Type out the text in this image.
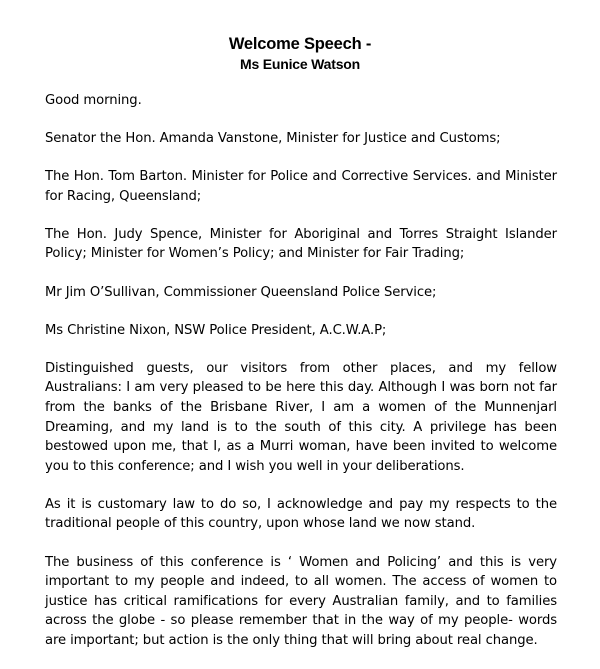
Welcome Speech -
Ms Eunice Watson

Good morning.

Senator the Hon. Amanda Vanstone, Minister for Justice and Customs;

The Hon. Tom Barton. Minister for Police and Corrective Services. and Minister for Racing, Queensland;

The Hon. Judy Spence, Minister for Aboriginal and Torres Straight Islander Policy; Minister for Women’s Policy; and Minister for Fair Trading;

Mr Jim O’Sullivan, Commissioner Queensland Police Service;

Ms Christine Nixon, NSW Police President, A.C.W.A.P;

Distinguished guests, our visitors from other places, and my fellow Australians: I am very pleased to be here this day. Although I was born not far from the banks of the Brisbane River, I am a women of the Munnenjarl Dreaming, and my land is to the south of this city. A privilege has been bestowed upon me, that I, as a Murri woman, have been invited to welcome you to this conference; and I wish you well in your deliberations.

As it is customary law to do so, I acknowledge and pay my respects to the traditional people of this country, upon whose land we now stand.

The business of this conference is ‘ Women and Policing’ and this is very important to my people and indeed, to all women. The access of women to justice has critical ramifications for every Australian family, and to families across the globe - so please remember that in the way of my people- words are important; but action is the only thing that will bring about real change.
